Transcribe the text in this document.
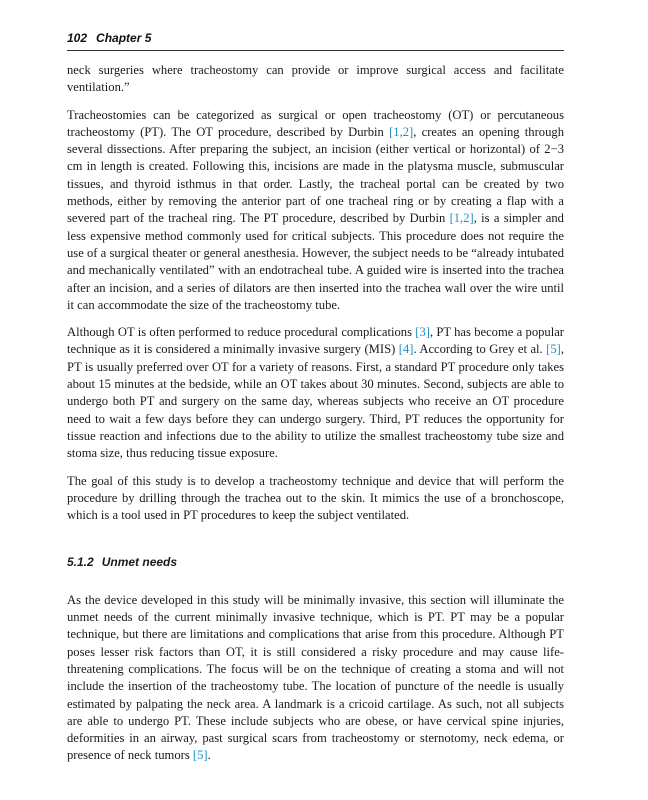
102 Chapter 5

neck surgeries where tracheostomy can provide or improve surgical access and facilitate ventilation.”

Tracheostomies can be categorized as surgical or open tracheostomy (OT) or percutaneous tracheostomy (PT). The OT procedure, described by Durbin [1,2], creates an opening through several dissections. After preparing the subject, an incision (either vertical or horizontal) of 2−3 cm in length is created. Following this, incisions are made in the platysma muscle, submuscular tissues, and thyroid isthmus in that order. Lastly, the tracheal portal can be created by two methods, either by removing the anterior part of one tracheal ring or by creating a flap with a severed part of the tracheal ring. The PT procedure, described by Durbin [1,2], is a simpler and less expensive method commonly used for critical subjects. This procedure does not require the use of a surgical theater or general anesthesia. However, the subject needs to be “already intubated and mechanically ventilated” with an endotracheal tube. A guided wire is inserted into the trachea after an incision, and a series of dilators are then inserted into the trachea wall over the wire until it can accommodate the size of the tracheostomy tube.

Although OT is often performed to reduce procedural complications [3], PT has become a popular technique as it is considered a minimally invasive surgery (MIS) [4]. According to Grey et al. [5], PT is usually preferred over OT for a variety of reasons. First, a standard PT procedure only takes about 15 minutes at the bedside, while an OT takes about 30 minutes. Second, subjects are able to undergo both PT and surgery on the same day, whereas subjects who receive an OT procedure need to wait a few days before they can undergo surgery. Third, PT reduces the opportunity for tissue reaction and infections due to the ability to utilize the smallest tracheostomy tube size and stoma size, thus reducing tissue exposure.

The goal of this study is to develop a tracheostomy technique and device that will perform the procedure by drilling through the trachea out to the skin. It mimics the use of a bronchoscope, which is a tool used in PT procedures to keep the subject ventilated.

5.1.2 Unmet needs

As the device developed in this study will be minimally invasive, this section will illuminate the unmet needs of the current minimally invasive technique, which is PT. PT may be a popular technique, but there are limitations and complications that arise from this procedure. Although PT poses lesser risk factors than OT, it is still considered a risky procedure and may cause life-threatening complications. The focus will be on the technique of creating a stoma and will not include the insertion of the tracheostomy tube. The location of puncture of the needle is usually estimated by palpating the neck area. A landmark is a cricoid cartilage. As such, not all subjects are able to undergo PT. These include subjects who are obese, or have cervical spine injuries, deformities in an airway, past surgical scars from tracheostomy or sternotomy, neck edema, or presence of neck tumors [5].
